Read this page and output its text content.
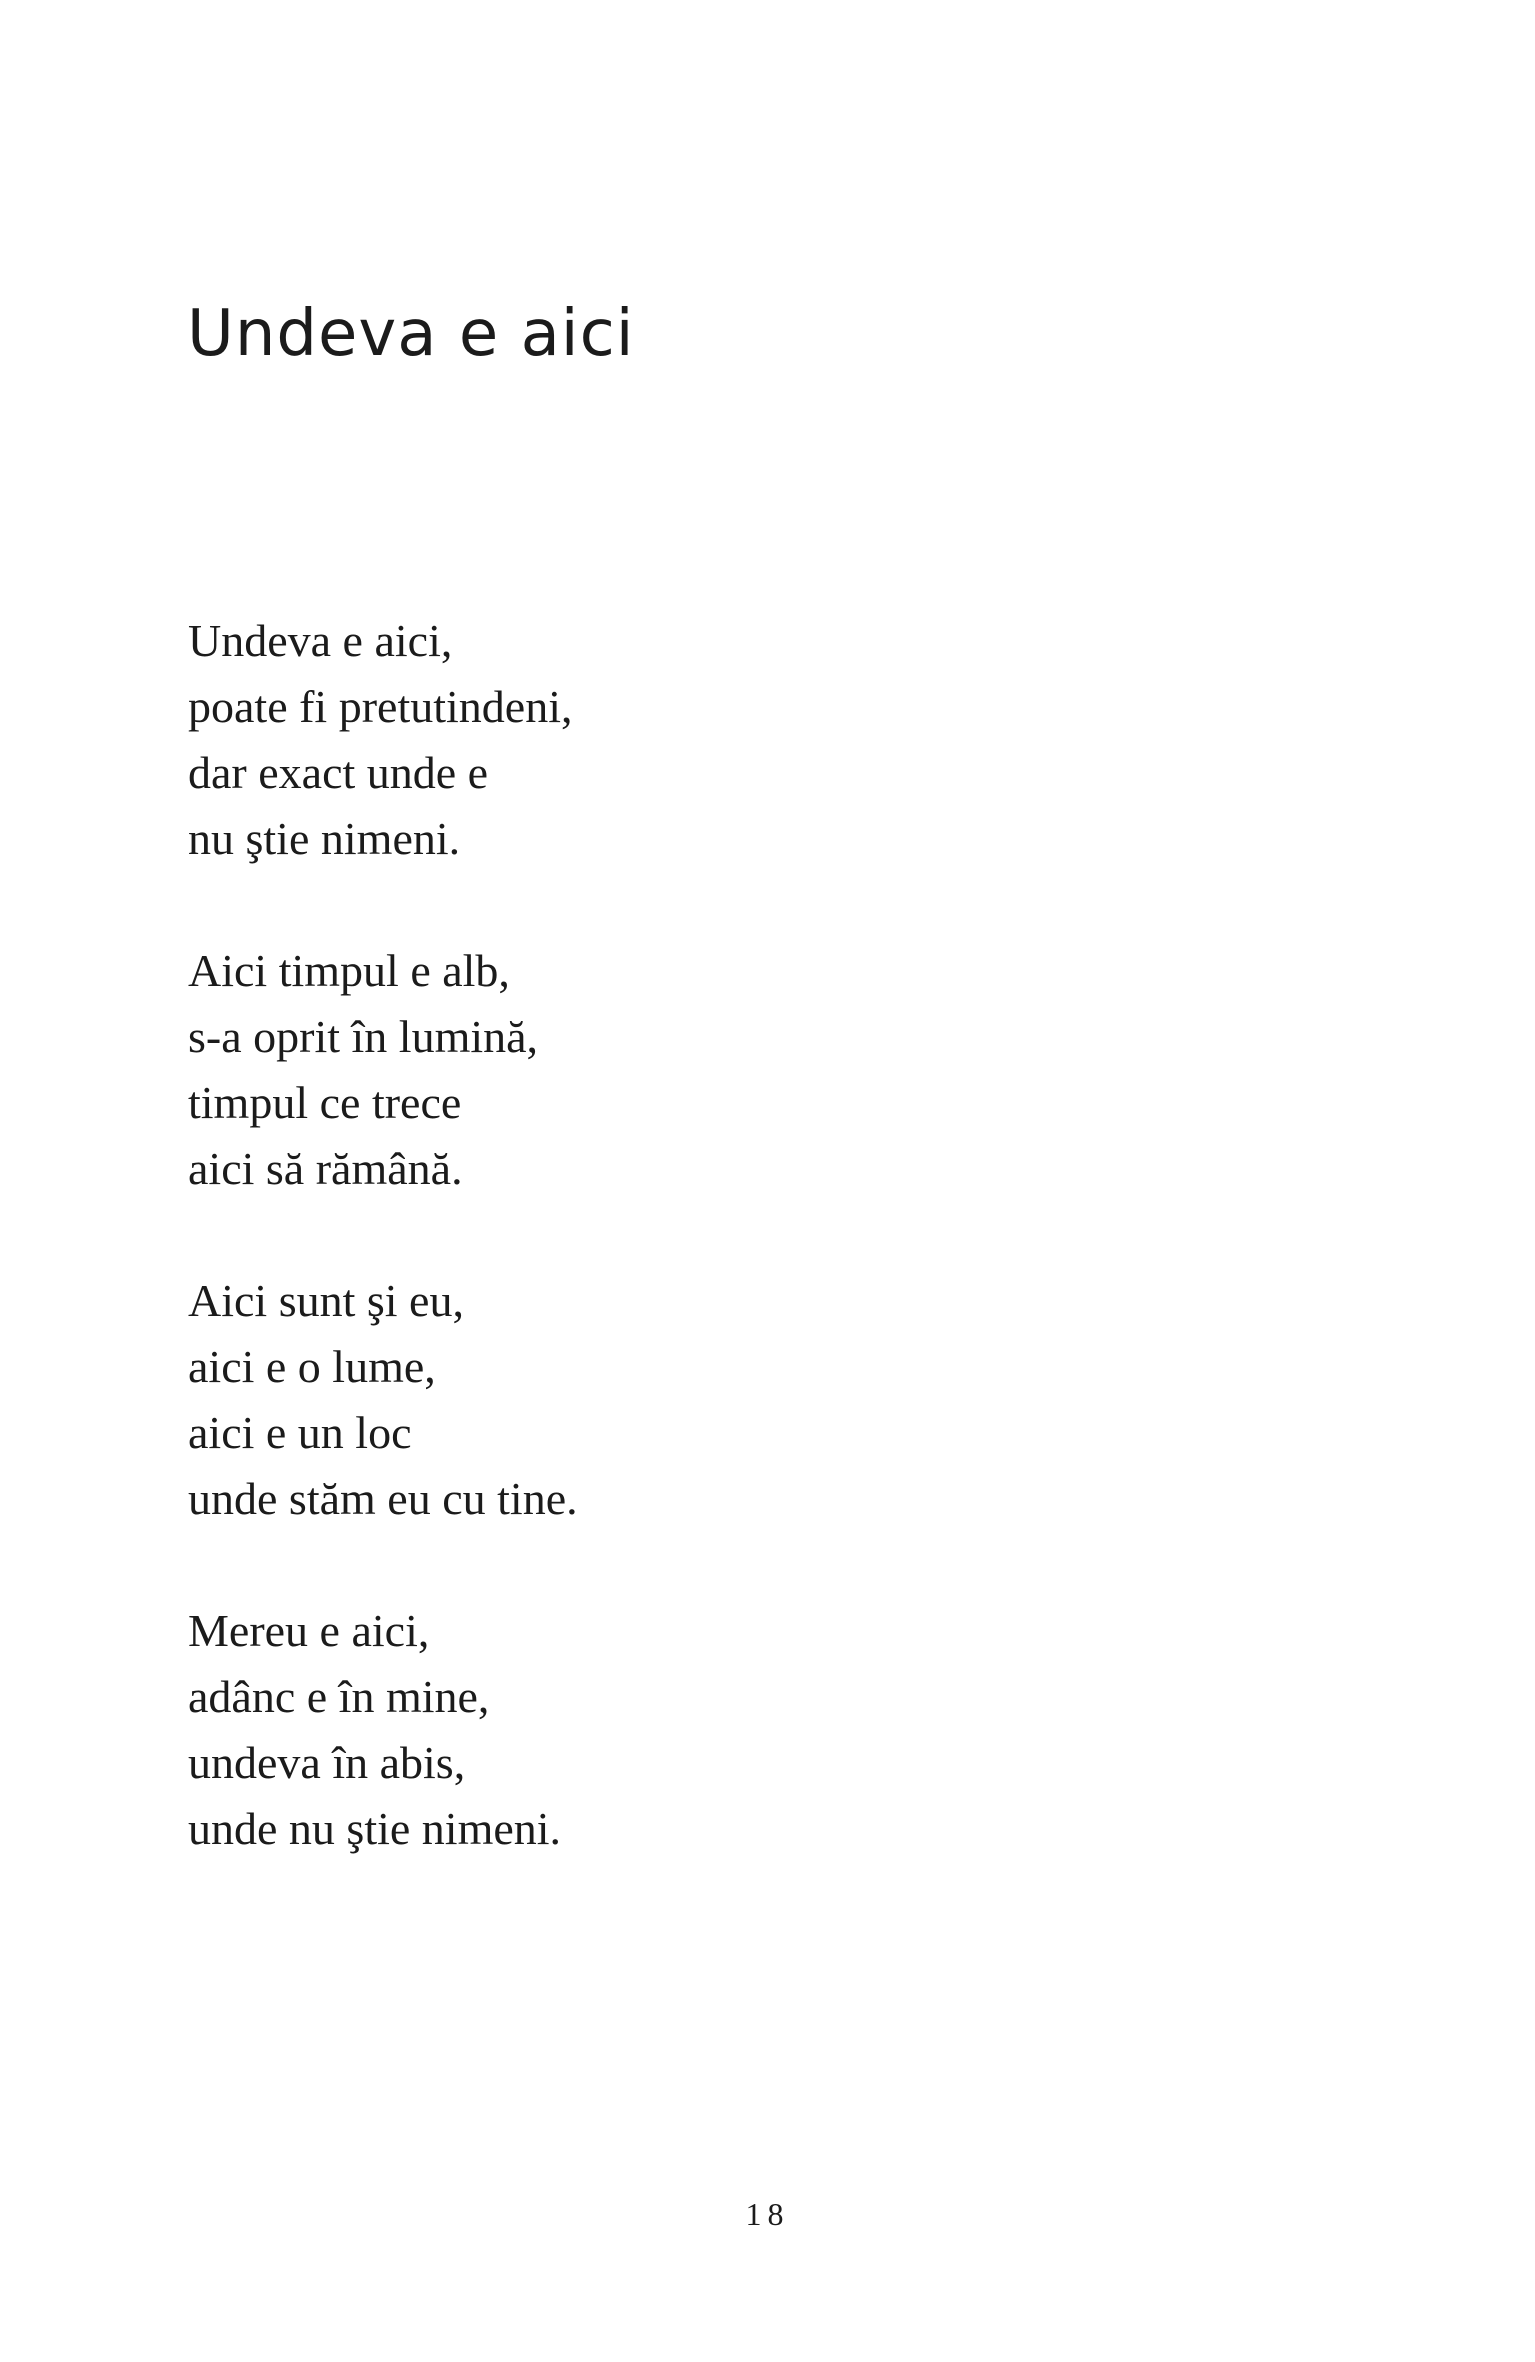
Undeva e aici
Undeva e aici,
poate fi pretutindeni,
dar exact unde e
nu ştie nimeni.
Aici timpul e alb,
s-a oprit în lumină,
timpul ce trece
aici să rămână.
Aici sunt şi eu,
aici e o lume,
aici e un loc
unde stăm eu cu tine.
Mereu e aici,
adânc e în mine,
undeva în abis,
unde nu ştie nimeni.
18
